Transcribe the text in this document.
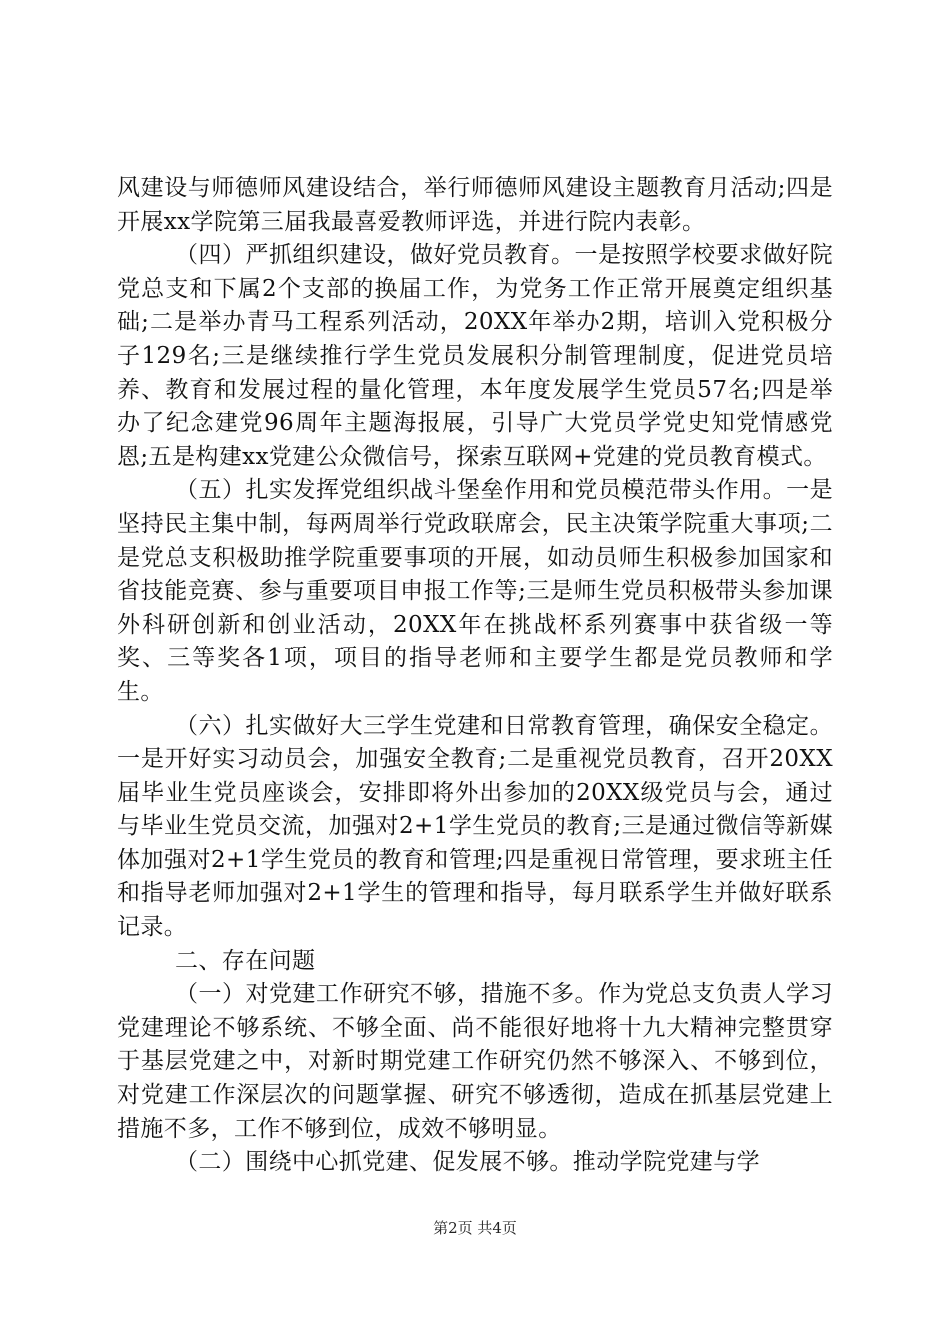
风建设与师德师风建设结合，举行师德师风建设主题教育月活动;四是开展xx学院第三届我最喜爱教师评选，并进行院内表彰。

（四）严抓组织建设，做好党员教育。一是按照学校要求做好院党总支和下属2个支部的换届工作，为党务工作正常开展奠定组织基础;二是举办青马工程系列活动，20XX年举办2期，培训入党积极分子129名;三是继续推行学生党员发展积分制管理制度，促进党员培养、教育和发展过程的量化管理，本年度发展学生党员57名;四是举办了纪念建党96周年主题海报展，引导广大党员学党史知党情感党恩;五是构建xx党建公众微信号，探索互联网+党建的党员教育模式。

（五）扎实发挥党组织战斗堡垒作用和党员模范带头作用。一是坚持民主集中制，每两周举行党政联席会，民主决策学院重大事项;二是党总支积极助推学院重要事项的开展，如动员师生积极参加国家和省技能竞赛、参与重要项目申报工作等;三是师生党员积极带头参加课外科研创新和创业活动，20XX年在挑战杯系列赛事中获省级一等奖、三等奖各1项，项目的指导老师和主要学生都是党员教师和学生。

（六）扎实做好大三学生党建和日常教育管理，确保安全稳定。一是开好实习动员会，加强安全教育;二是重视党员教育，召开20XX届毕业生党员座谈会，安排即将外出参加的20XX级党员与会，通过与毕业生党员交流，加强对2+1学生党员的教育;三是通过微信等新媒体加强对2+1学生党员的教育和管理;四是重视日常管理，要求班主任和指导老师加强对2+1学生的管理和指导，每月联系学生并做好联系记录。

二、存在问题

（一）对党建工作研究不够，措施不多。作为党总支负责人学习党建理论不够系统、不够全面、尚不能很好地将十九大精神完整贯穿于基层党建之中，对新时期党建工作研究仍然不够深入、不够到位，对党建工作深层次的问题掌握、研究不够透彻，造成在抓基层党建上措施不多，工作不够到位，成效不够明显。

（二）围绕中心抓党建、促发展不够。推动学院党建与学

第2页 共4页
